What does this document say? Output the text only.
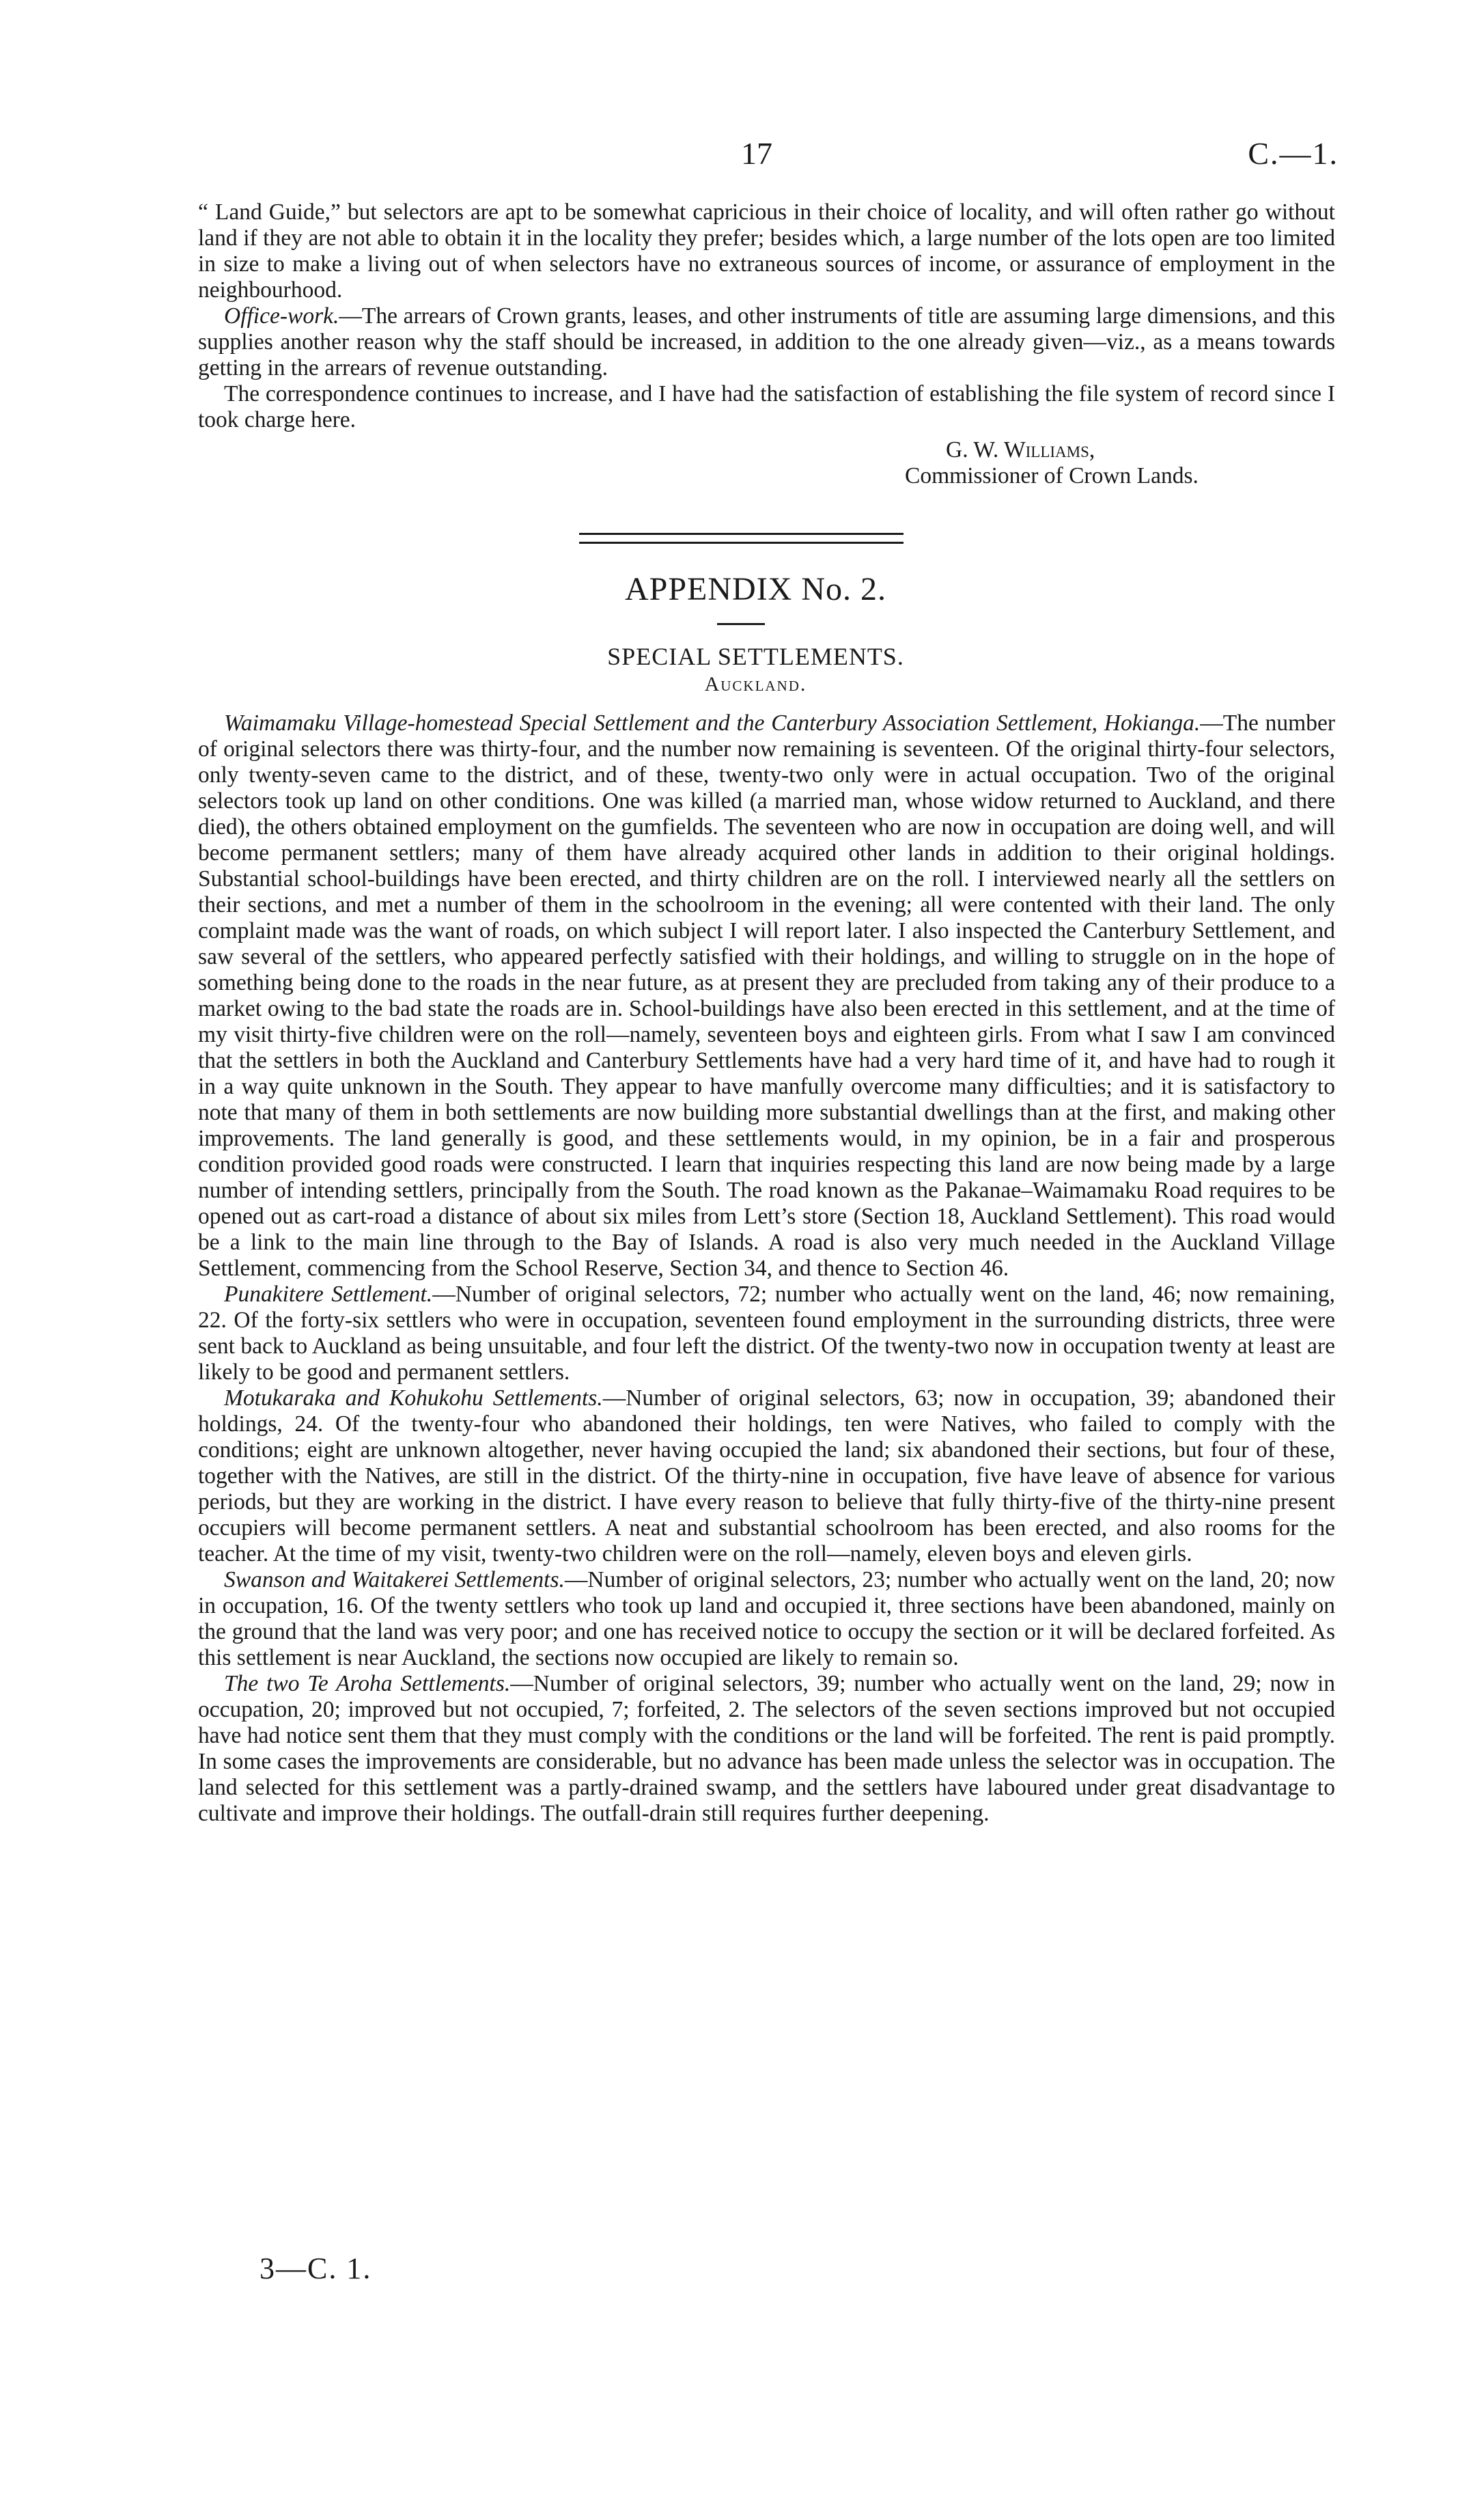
17	C.—1.

“ Land Guide,” but selectors are apt to be somewhat capricious in their choice of locality, and will often rather go without land if they are not able to obtain it in the locality they prefer; besides which, a large number of the lots open are too limited in size to make a living out of when selectors have no extraneous sources of income, or assurance of employment in the neighbourhood.

Office-work.—The arrears of Crown grants, leases, and other instruments of title are assuming large dimensions, and this supplies another reason why the staff should be increased, in addition to the one already given—viz., as a means towards getting in the arrears of revenue outstanding.

The correspondence continues to increase, and I have had the satisfaction of establishing the file system of record since I took charge here.

G. W. Williams,
Commissioner of Crown Lands.
APPENDIX No. 2.
SPECIAL SETTLEMENTS.
Auckland.

Waimamaku Village-homestead Special Settlement and the Canterbury Association Settlement, Hokianga.—The number of original selectors there was thirty-four, and the number now remaining is seventeen. Of the original thirty-four selectors, only twenty-seven came to the district, and of these, twenty-two only were in actual occupation. Two of the original selectors took up land on other conditions. One was killed (a married man, whose widow returned to Auckland, and there died), the others obtained employment on the gumfields. The seventeen who are now in occupation are doing well, and will become permanent settlers; many of them have already acquired other lands in addition to their original holdings. Substantial school-buildings have been erected, and thirty children are on the roll. I interviewed nearly all the settlers on their sections, and met a number of them in the schoolroom in the evening; all were contented with their land. The only complaint made was the want of roads, on which subject I will report later. I also inspected the Canterbury Settlement, and saw several of the settlers, who appeared perfectly satisfied with their holdings, and willing to struggle on in the hope of something being done to the roads in the near future, as at present they are precluded from taking any of their produce to a market owing to the bad state the roads are in. School-buildings have also been erected in this settlement, and at the time of my visit thirty-five children were on the roll—namely, seventeen boys and eighteen girls. From what I saw I am convinced that the settlers in both the Auckland and Canterbury Settlements have had a very hard time of it, and have had to rough it in a way quite unknown in the South. They appear to have manfully overcome many difficulties; and it is satisfactory to note that many of them in both settlements are now building more substantial dwellings than at the first, and making other improvements. The land generally is good, and these settlements would, in my opinion, be in a fair and prosperous condition provided good roads were constructed. I learn that inquiries respecting this land are now being made by a large number of intending settlers, principally from the South. The road known as the Pakanae–Waimamaku Road requires to be opened out as cart-road a distance of about six miles from Lett’s store (Section 18, Auckland Settlement). This road would be a link to the main line through to the Bay of Islands. A road is also very much needed in the Auckland Village Settlement, commencing from the School Reserve, Section 34, and thence to Section 46.

Punakitere Settlement.—Number of original selectors, 72; number who actually went on the land, 46; now remaining, 22. Of the forty-six settlers who were in occupation, seventeen found employment in the surrounding districts, three were sent back to Auckland as being unsuitable, and four left the district. Of the twenty-two now in occupation twenty at least are likely to be good and permanent settlers.

Motukaraka and Kohukohu Settlements.—Number of original selectors, 63; now in occupation, 39; abandoned their holdings, 24. Of the twenty-four who abandoned their holdings, ten were Natives, who failed to comply with the conditions; eight are unknown altogether, never having occupied the land; six abandoned their sections, but four of these, together with the Natives, are still in the district. Of the thirty-nine in occupation, five have leave of absence for various periods, but they are working in the district. I have every reason to believe that fully thirty-five of the thirty-nine present occupiers will become permanent settlers. A neat and substantial schoolroom has been erected, and also rooms for the teacher. At the time of my visit, twenty-two children were on the roll—namely, eleven boys and eleven girls.

Swanson and Waitakerei Settlements.—Number of original selectors, 23; number who actually went on the land, 20; now in occupation, 16. Of the twenty settlers who took up land and occupied it, three sections have been abandoned, mainly on the ground that the land was very poor; and one has received notice to occupy the section or it will be declared forfeited. As this settlement is near Auckland, the sections now occupied are likely to remain so.

The two Te Aroha Settlements.—Number of original selectors, 39; number who actually went on the land, 29; now in occupation, 20; improved but not occupied, 7; forfeited, 2. The selectors of the seven sections improved but not occupied have had notice sent them that they must comply with the conditions or the land will be forfeited. The rent is paid promptly. In some cases the improvements are considerable, but no advance has been made unless the selector was in occupation. The land selected for this settlement was a partly-drained swamp, and the settlers have laboured under great disadvantage to cultivate and improve their holdings. The outfall-drain still requires further deepening.

3—C. 1.
